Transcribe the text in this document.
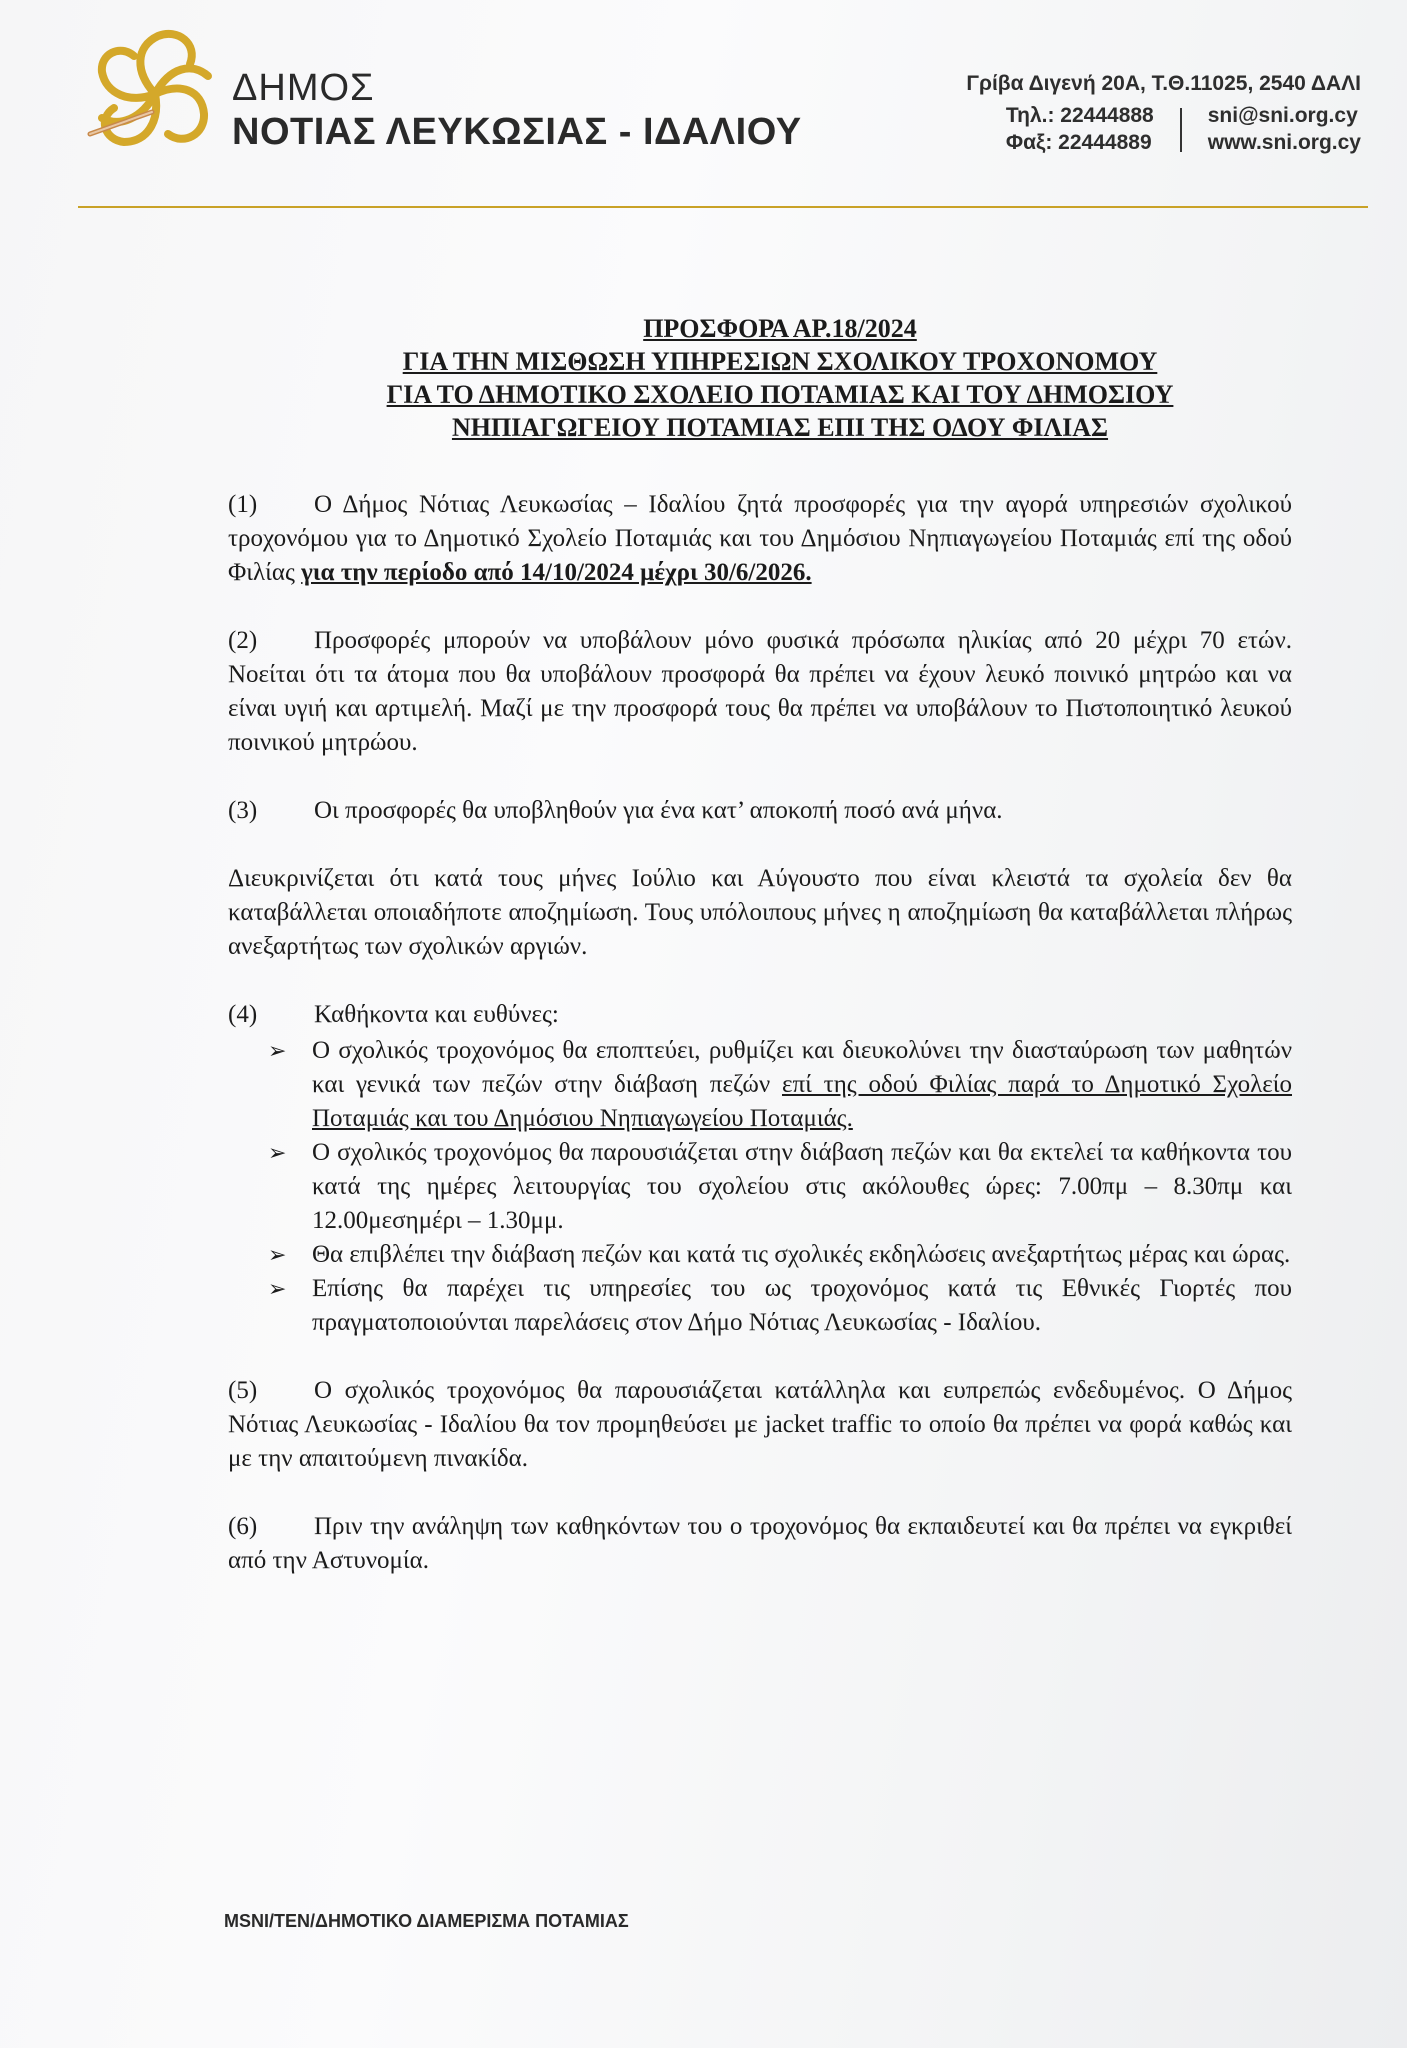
ΔΗΜΟΣ
ΝΟΤΙΑΣ ΛΕΥΚΩΣΙΑΣ - ΙΔΑΛΙΟΥ
Γρίβα Διγενή 20Α, Τ.Θ.11025, 2540 ΔΑΛΙ
Τηλ.: 22444888
Φαξ: 22444889
sni@sni.org.cy
www.sni.org.cy
ΠΡΟΣΦΟΡΑ ΑΡ.18/2024
ΓΙΑ ΤΗΝ ΜΙΣΘΩΣΗ ΥΠΗΡΕΣΙΩΝ ΣΧΟΛΙΚΟΥ ΤΡΟΧΟΝΟΜΟΥ
ΓΙΑ ΤΟ ΔΗΜΟΤΙΚΟ ΣΧΟΛΕΙΟ ΠΟΤΑΜΙΑΣ ΚΑΙ ΤΟΥ ΔΗΜΟΣΙΟΥ
ΝΗΠΙΑΓΩΓΕΙΟΥ ΠΟΤΑΜΙΑΣ ΕΠΙ ΤΗΣ ΟΔΟΥ ΦΙΛΙΑΣ
(1) Ο Δήμος Νότιας Λευκωσίας – Ιδαλίου ζητά προσφορές για την αγορά υπηρεσιών σχολικού τροχονόμου για το Δημοτικό Σχολείο Ποταμιάς και του Δημόσιου Νηπιαγωγείου Ποταμιάς επί της οδού Φιλίας για την περίοδο από 14/10/2024 μέχρι 30/6/2026.
(2) Προσφορές μπορούν να υποβάλουν μόνο φυσικά πρόσωπα ηλικίας από 20 μέχρι 70 ετών. Νοείται ότι τα άτομα που θα υποβάλουν προσφορά θα πρέπει να έχουν λευκό ποινικό μητρώο και να είναι υγιή και αρτιμελή. Μαζί με την προσφορά τους θα πρέπει να υποβάλουν το Πιστοποιητικό λευκού ποινικού μητρώου.
(3) Οι προσφορές θα υποβληθούν για ένα κατ’ αποκοπή ποσό ανά μήνα.
Διευκρινίζεται ότι κατά τους μήνες Ιούλιο και Αύγουστο που είναι κλειστά τα σχολεία δεν θα καταβάλλεται οποιαδήποτε αποζημίωση. Τους υπόλοιπους μήνες η αποζημίωση θα καταβάλλεται πλήρως ανεξαρτήτως των σχολικών αργιών.
(4) Καθήκοντα και ευθύνες:
➢ Ο σχολικός τροχονόμος θα εποπτεύει, ρυθμίζει και διευκολύνει την διασταύρωση των μαθητών και γενικά των πεζών στην διάβαση πεζών επί της οδού Φιλίας παρά το Δημοτικό Σχολείο Ποταμιάς και του Δημόσιου Νηπιαγωγείου Ποταμιάς.
➢ Ο σχολικός τροχονόμος θα παρουσιάζεται στην διάβαση πεζών και θα εκτελεί τα καθήκοντα του κατά της ημέρες λειτουργίας του σχολείου στις ακόλουθες ώρες: 7.00πμ – 8.30πμ και 12.00μεσημέρι – 1.30μμ.
➢ Θα επιβλέπει την διάβαση πεζών και κατά τις σχολικές εκδηλώσεις ανεξαρτήτως μέρας και ώρας.
➢ Επίσης θα παρέχει τις υπηρεσίες του ως τροχονόμος κατά τις Εθνικές Γιορτές που πραγματοποιούνται παρελάσεις στον Δήμο Νότιας Λευκωσίας - Ιδαλίου.
(5) Ο σχολικός τροχονόμος θα παρουσιάζεται κατάλληλα και ευπρεπώς ενδεδυμένος. Ο Δήμος Νότιας Λευκωσίας - Ιδαλίου θα τον προμηθεύσει με jacket traffic το οποίο θα πρέπει να φορά καθώς και με την απαιτούμενη πινακίδα.
(6) Πριν την ανάληψη των καθηκόντων του ο τροχονόμος θα εκπαιδευτεί και θα πρέπει να εγκριθεί από την Αστυνομία.
MSNI/TEN/ΔΗΜΟΤΙΚΟ ΔΙΑΜΕΡΙΣΜΑ ΠΟΤΑΜΙΑΣ
